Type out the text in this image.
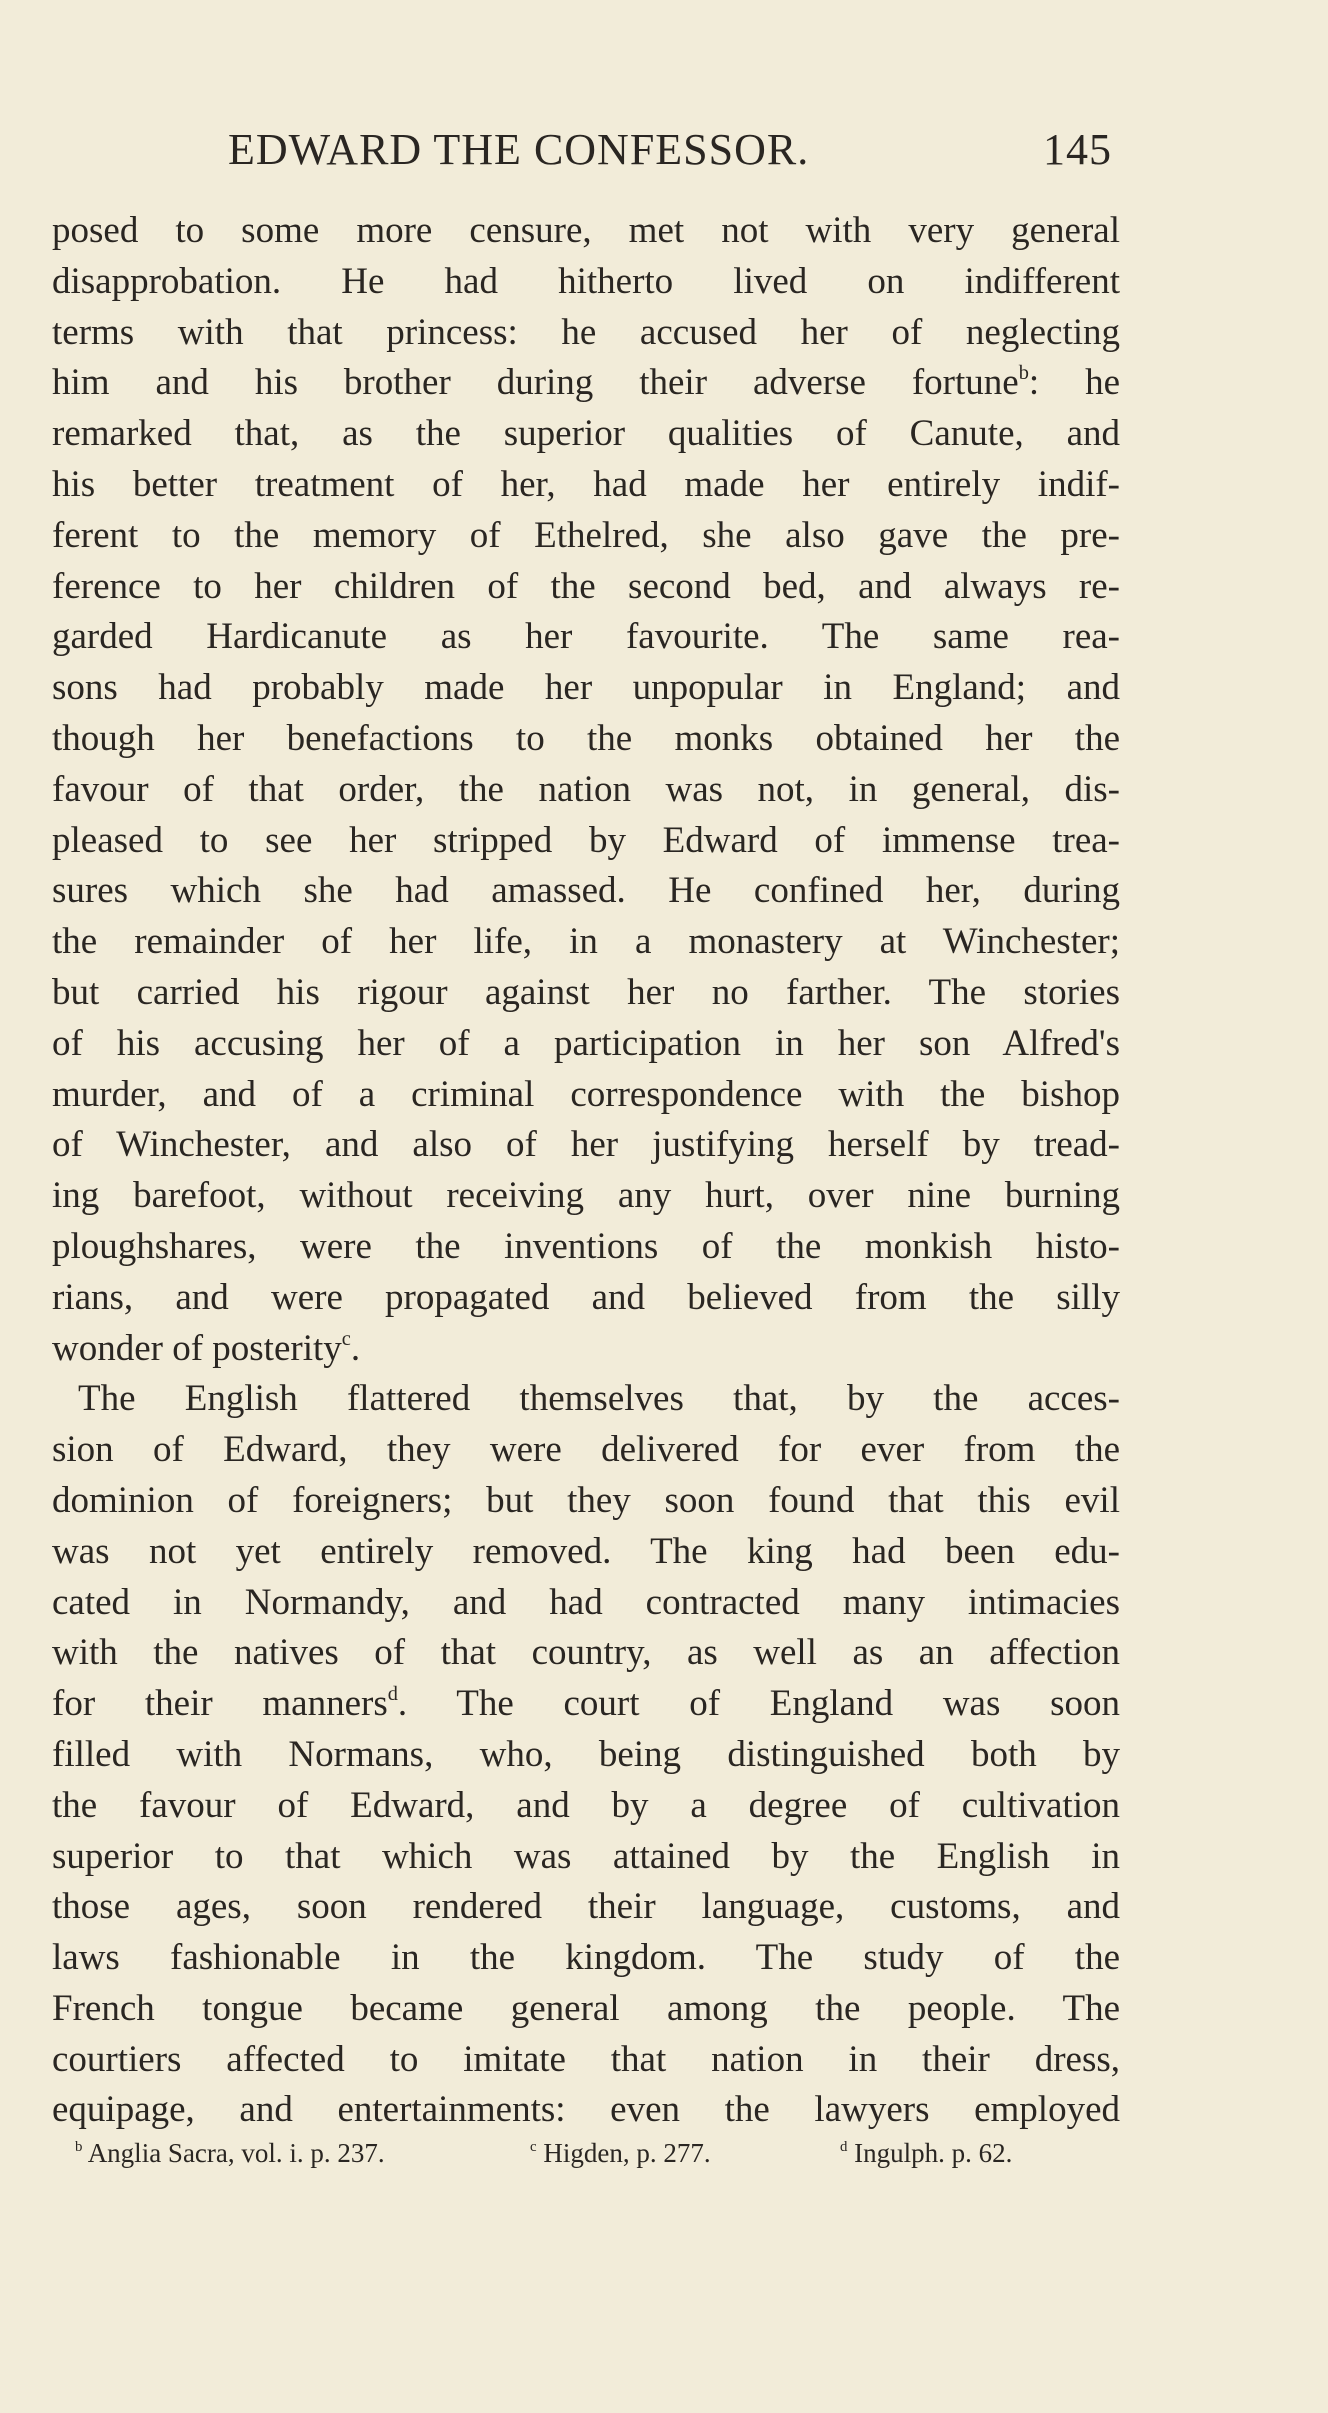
EDWARD THE CONFESSOR.	145
posed to some more censure, met not with very general
disapprobation. He had hitherto lived on indifferent
terms with that princess: he accused her of neglecting
him and his brother during their adverse fortune$^b$: he
remarked that, as the superior qualities of Canute, and
his better treatment of her, had made her entirely indif-
ferent to the memory of Ethelred, she also gave the pre-
ference to her children of the second bed, and always re-
garded Hardicanute as her favourite. The same rea-
sons had probably made her unpopular in England; and
though her benefactions to the monks obtained her the
favour of that order, the nation was not, in general, dis-
pleased to see her stripped by Edward of immense trea-
sures which she had amassed. He confined her, during
the remainder of her life, in a monastery at Winchester;
but carried his rigour against her no farther. The stories
of his accusing her of a participation in her son Alfred's
murder, and of a criminal correspondence with the bishop
of Winchester, and also of her justifying herself by tread-
ing barefoot, without receiving any hurt, over nine burning
ploughshares, were the inventions of the monkish histo-
rians, and were propagated and believed from the silly
wonder of posterity$^c$.
The English flattered themselves that, by the acces-
sion of Edward, they were delivered for ever from the
dominion of foreigners; but they soon found that this evil
was not yet entirely removed. The king had been edu-
cated in Normandy, and had contracted many intimacies
with the natives of that country, as well as an affection
for their manners$^d$. The court of England was soon
filled with Normans, who, being distinguished both by
the favour of Edward, and by a degree of cultivation
superior to that which was attained by the English in
those ages, soon rendered their language, customs, and
laws fashionable in the kingdom. The study of the
French tongue became general among the people. The
courtiers affected to imitate that nation in their dress,
equipage, and entertainments: even the lawyers employed
$^b$ Anglia Sacra, vol. i. p. 237.	$^c$ Higden, p. 277.	$^d$ Ingulph. p. 62.
